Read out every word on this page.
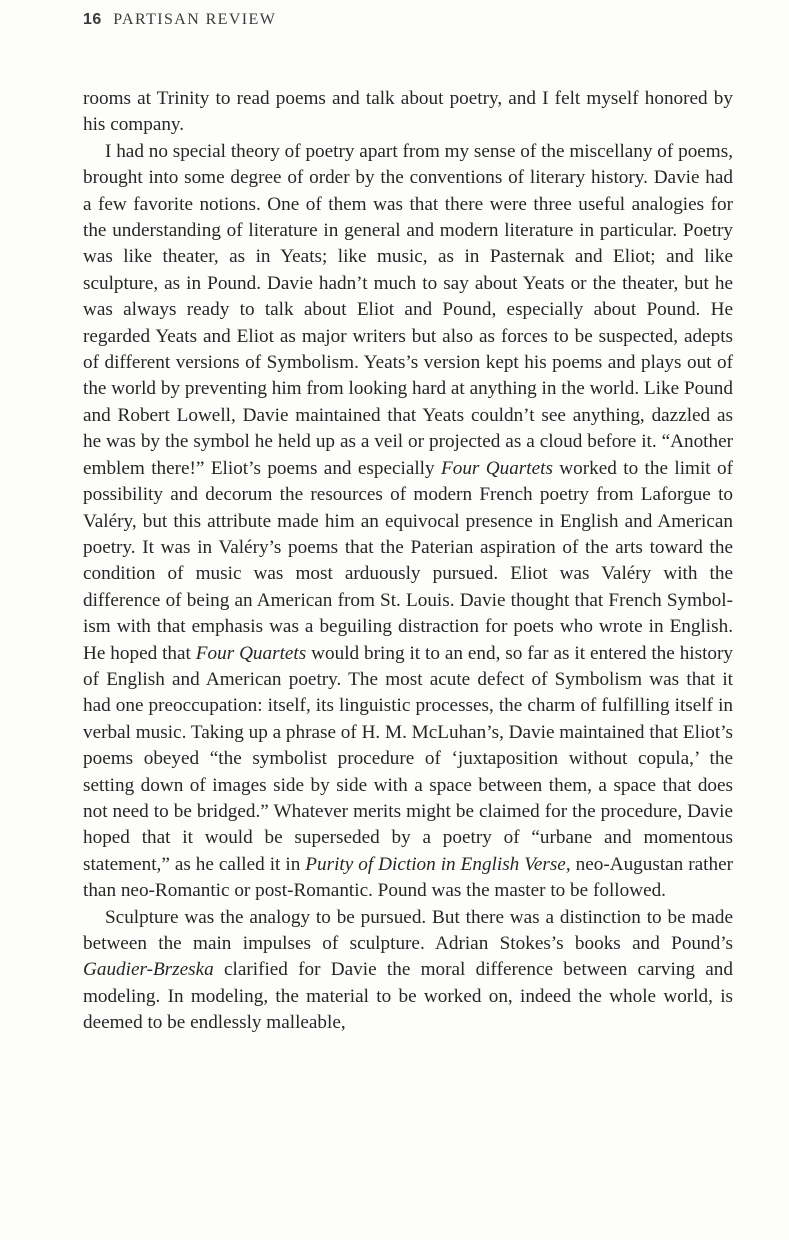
16 PARTISAN REVIEW

rooms at Trinity to read poems and talk about poetry, and I felt myself honored by his company.

I had no special theory of poetry apart from my sense of the miscellany of poems, brought into some degree of order by the conventions of literary history. Davie had a few favorite notions. One of them was that there were three useful analogies for the understanding of literature in general and modern literature in particular. Poetry was like theater, as in Yeats; like music, as in Pasternak and Eliot; and like sculpture, as in Pound. Davie hadn’t much to say about Yeats or the theater, but he was always ready to talk about Eliot and Pound, especially about Pound. He regarded Yeats and Eliot as major writers but also as forces to be suspected, adepts of different versions of Symbolism. Yeats’s version kept his poems and plays out of the world by preventing him from looking hard at anything in the world. Like Pound and Robert Lowell, Davie maintained that Yeats couldn’t see anything, dazzled as he was by the symbol he held up as a veil or projected as a cloud before it. “Another emblem there!” Eliot’s poems and especially Four Quartets worked to the limit of possibility and decorum the resources of modern French poetry from Laforgue to Valéry, but this attribute made him an equivocal presence in English and American poetry. It was in Valéry’s poems that the Paterian aspiration of the arts toward the condition of music was most arduously pursued. Eliot was Valéry with the difference of being an American from St. Louis. Davie thought that French Symbolism with that emphasis was a beguiling distraction for poets who wrote in English. He hoped that Four Quartets would bring it to an end, so far as it entered the history of English and American poetry. The most acute defect of Symbolism was that it had one preoccupation: itself, its linguistic processes, the charm of fulfilling itself in verbal music. Taking up a phrase of H. M. McLuhan’s, Davie maintained that Eliot’s poems obeyed “the symbolist procedure of ‘juxtaposition without copula,’ the setting down of images side by side with a space between them, a space that does not need to be bridged.” Whatever merits might be claimed for the procedure, Davie hoped that it would be superseded by a poetry of “urbane and momentous statement,” as he called it in Purity of Diction in English Verse, neo-Augustan rather than neo-Romantic or post-Romantic. Pound was the master to be followed.

Sculpture was the analogy to be pursued. But there was a distinction to be made between the main impulses of sculpture. Adrian Stokes’s books and Pound’s Gaudier-Brzeska clarified for Davie the moral difference between carving and modeling. In modeling, the material to be worked on, indeed the whole world, is deemed to be endlessly malleable,
